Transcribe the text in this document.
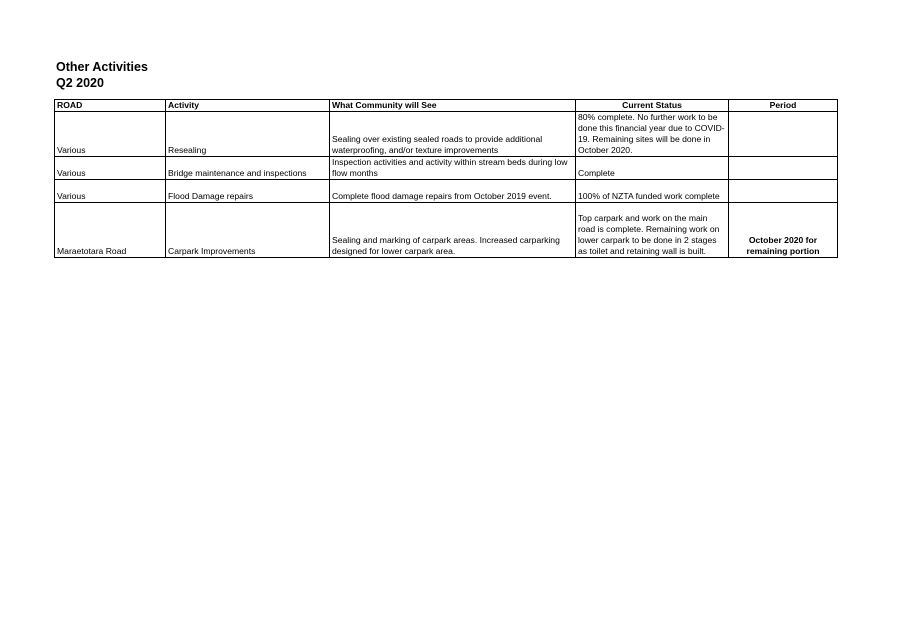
Other Activities
Q2 2020
ROAD	Activity	What Community will See	Current Status	Period
Various	Resealing	Sealing over existing sealed roads to provide additional waterproofing, and/or texture improvements	80% complete. No further work to be done this financial year due to COVID-19. Remaining sites will be done in October 2020.	
Various	Bridge maintenance and inspections	Inspection activities and activity within stream beds during low flow months	Complete	
Various	Flood Damage repairs	Complete flood damage repairs from October 2019 event.	100% of NZTA funded work complete	
Maraetotara Road	Carpark Improvements	Sealing and marking of carpark areas. Increased carparking designed for lower carpark area.	Top carpark and work on the main road is complete. Remaining work on lower carpark to be done in 2 stages as toilet and retaining wall is built.	October 2020 for remaining portion
